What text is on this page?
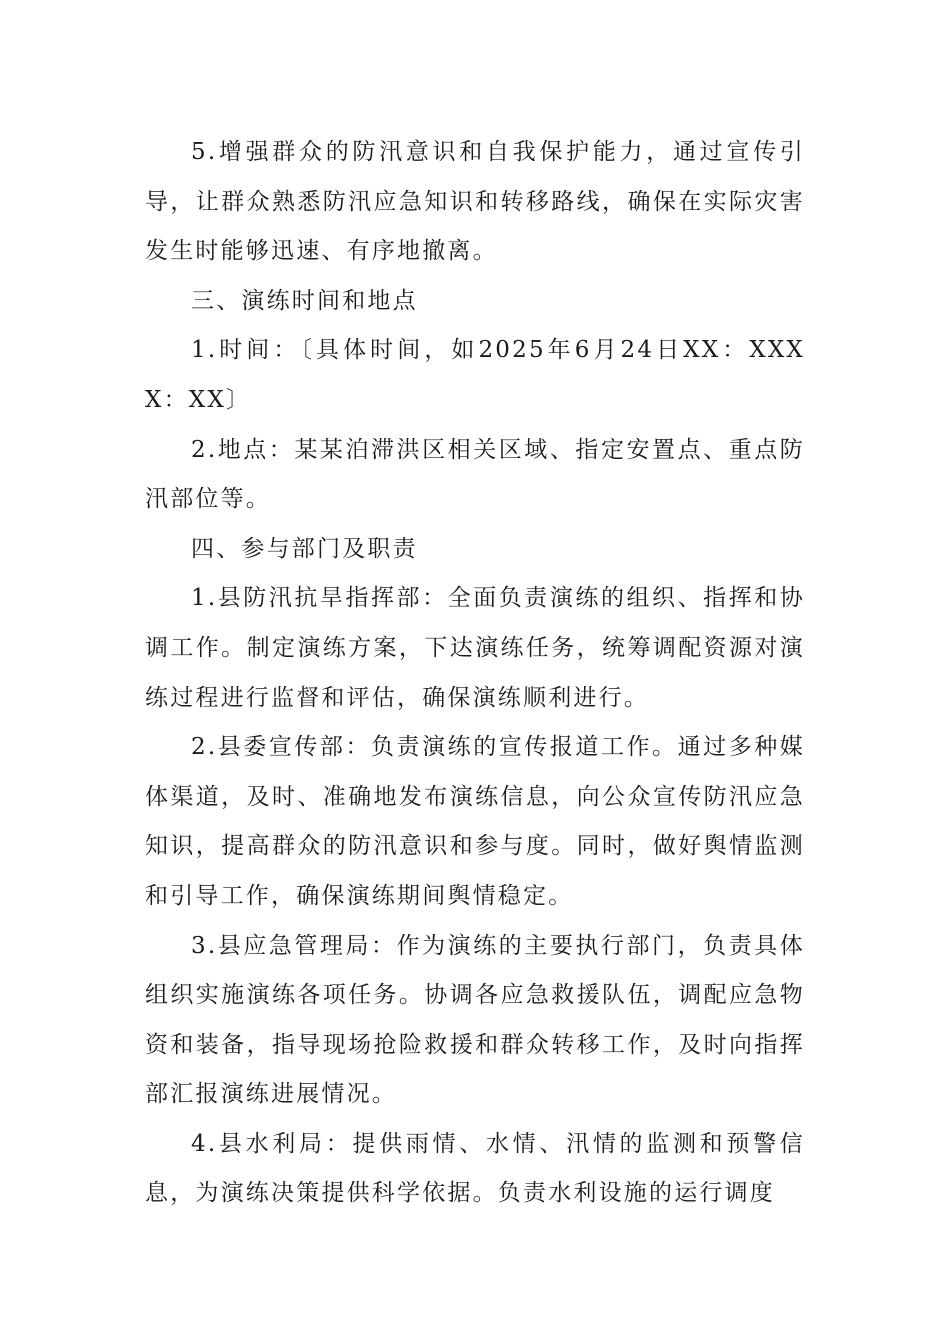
5.增强群众的防汛意识和自我保护能力，通过宣传引导，让群众熟悉防汛应急知识和转移路线，确保在实际灾害发生时能够迅速、有序地撤离。

三、演练时间和地点

1.时间：〔具体时间，如2025年6月24日XX：XXXX：XX〕

2.地点：某某泊滞洪区相关区域、指定安置点、重点防汛部位等。

四、参与部门及职责

1.县防汛抗旱指挥部：全面负责演练的组织、指挥和协调工作。制定演练方案，下达演练任务，统筹调配资源对演练过程进行监督和评估，确保演练顺利进行。

2.县委宣传部：负责演练的宣传报道工作。通过多种媒体渠道，及时、准确地发布演练信息，向公众宣传防汛应急知识，提高群众的防汛意识和参与度。同时，做好舆情监测和引导工作，确保演练期间舆情稳定。

3.县应急管理局：作为演练的主要执行部门，负责具体组织实施演练各项任务。协调各应急救援队伍，调配应急物资和装备，指导现场抢险救援和群众转移工作，及时向指挥部汇报演练进展情况。

4.县水利局：提供雨情、水情、汛情的监测和预警信息，为演练决策提供科学依据。负责水利设施的运行调度
